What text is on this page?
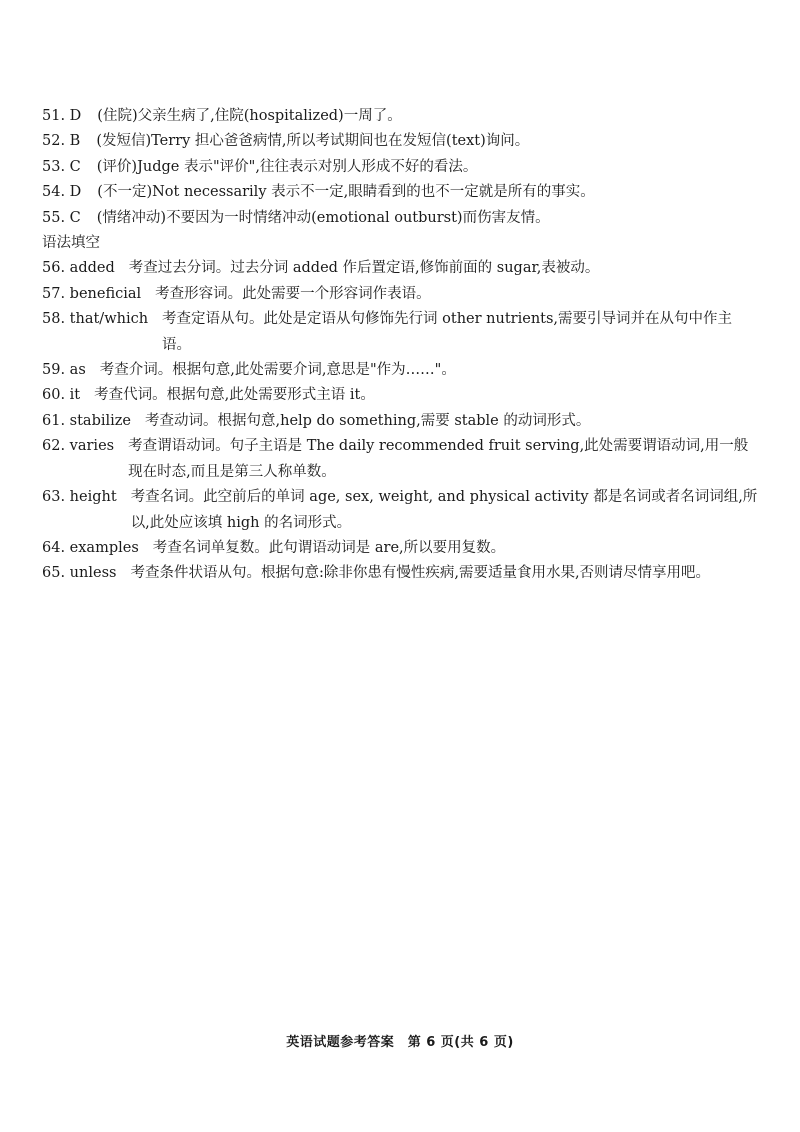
51. D (住院)父亲生病了,住院(hospitalized)一周了。
52. B (发短信)Terry 担心爸爸病情,所以考试期间也在发短信(text)询问。
53. C (评价)Judge 表示"评价",往往表示对别人形成不好的看法。
54. D (不一定)Not necessarily 表示不一定,眼睛看到的也不一定就是所有的事实。
55. C (情绪冲动)不要因为一时情绪冲动(emotional outburst)而伤害友情。
语法填空
56. added 考查过去分词。过去分词 added 作后置定语,修饰前面的 sugar,表被动。
57. beneficial 考查形容词。此处需要一个形容词作表语。
58. that/which 考查定语从句。此处是定语从句修饰先行词 other nutrients,需要引导词并在从句中作主语。
59. as 考查介词。根据句意,此处需要介词,意思是"作为……"。
60. it 考查代词。根据句意,此处需要形式主语 it。
61. stabilize 考查动词。根据句意,help do something,需要 stable 的动词形式。
62. varies 考查谓语动词。句子主语是 The daily recommended fruit serving,此处需要谓语动词,用一般现在时态,而且是第三人称单数。
63. height 考查名词。此空前后的单词 age, sex, weight, and physical activity 都是名词或者名词词组,所以,此处应该填 high 的名词形式。
64. examples 考查名词单复数。此句谓语动词是 are,所以要用复数。
65. unless 考查条件状语从句。根据句意:除非你患有慢性疾病,需要适量食用水果,否则请尽情享用吧。
英语试题参考答案　第 6 页(共 6 页)
